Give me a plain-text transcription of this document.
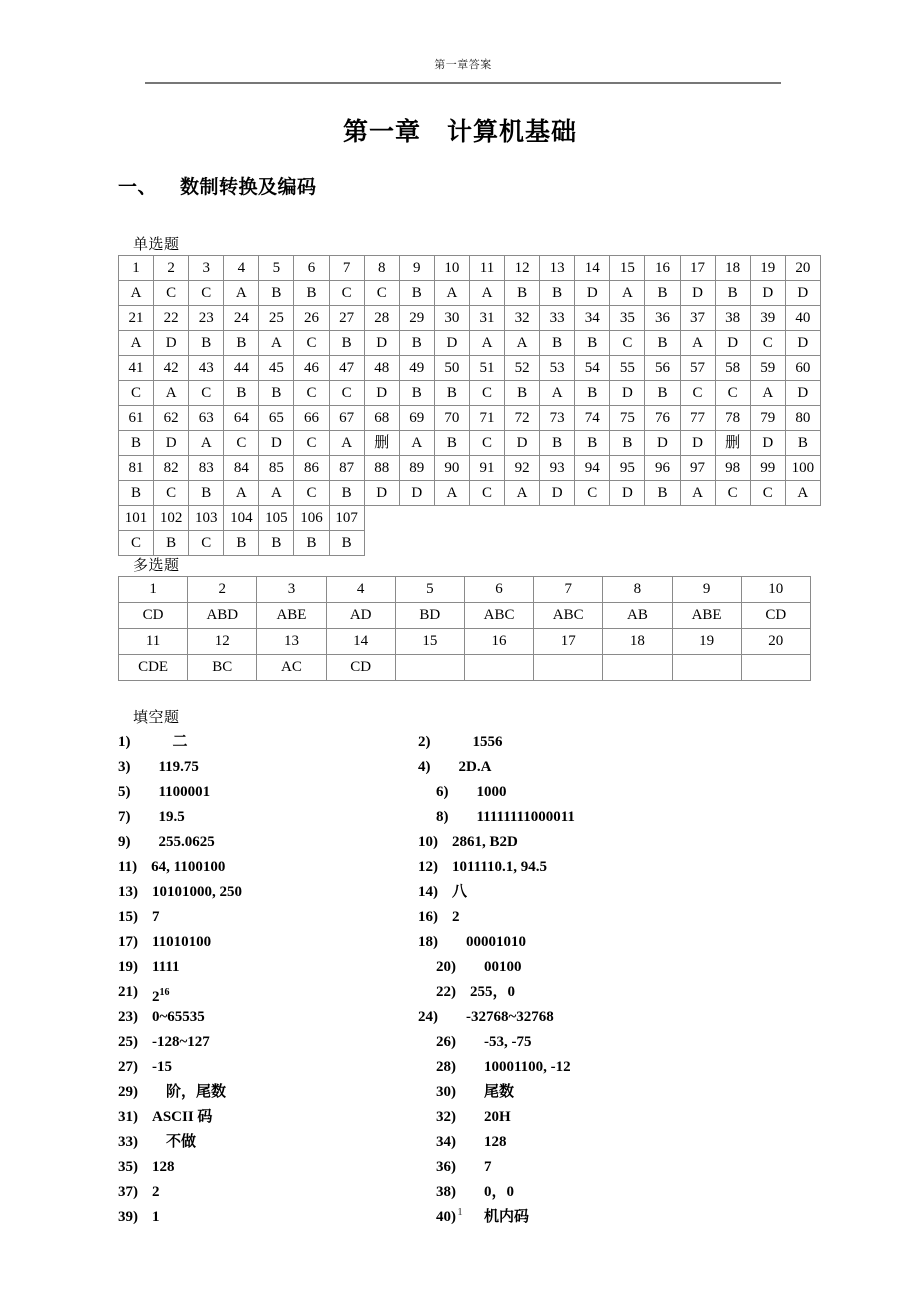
第一章答案
第一章　计算机基础
一、 数制转换及编码
单选题
1	2	3	4	5	6	7	8	9	10	11	12	13	14	15	16	17	18	19	20
A	C	C	A	B	B	C	C	B	A	A	B	B	D	A	B	D	B	D	D
21	22	23	24	25	26	27	28	29	30	31	32	33	34	35	36	37	38	39	40
A	D	B	B	A	C	B	D	B	D	A	A	B	B	C	B	A	D	C	D
41	42	43	44	45	46	47	48	49	50	51	52	53	54	55	56	57	58	59	60
C	A	C	B	B	C	C	D	B	B	C	B	A	B	D	B	C	C	A	D
61	62	63	64	65	66	67	68	69	70	71	72	73	74	75	76	77	78	79	80
B	D	A	C	D	C	A	删	A	B	C	D	B	B	B	D	D	删	D	B
81	82	83	84	85	86	87	88	89	90	91	92	93	94	95	96	97	98	99	100
B	C	B	A	A	C	B	D	D	A	C	A	D	C	D	B	A	C	C	A
101	102	103	104	105	106	107
C	B	C	B	B	B	B
多选题
1	2	3	4	5	6	7	8	9	10
CD	ABD	ABE	AD	BD	ABC	ABC	AB	ABE	CD
11	12	13	14	15	16	17	18	19	20
CDE	BC	AC	CD						
填空题
1)	二	2)	1556
3) 119.75	4) 2D.A
5) 1100001	6) 1000
7) 19.5	8) 11111111000011
9) 255.0625	10) 2861, B2D
11) 64, 1100100	12) 1011110.1, 94.5
13) 10101000, 250	14) 八
15) 7	16) 2
17) 11010100	18) 00001010
19) 1111	20) 00100
21) $2^{16}$	22) 255，0
23) 0~65535	24) -32768~32768
25) -128~127	26) -53, -75
27) -15	28) 10001100, -12
29) 阶，尾数	30) 尾数
31) ASCII 码	32) 20H
33) 不做	34) 128
35) 128	36) 7
37) 2	38) 0，0
39) 1	40) 机内码
1
